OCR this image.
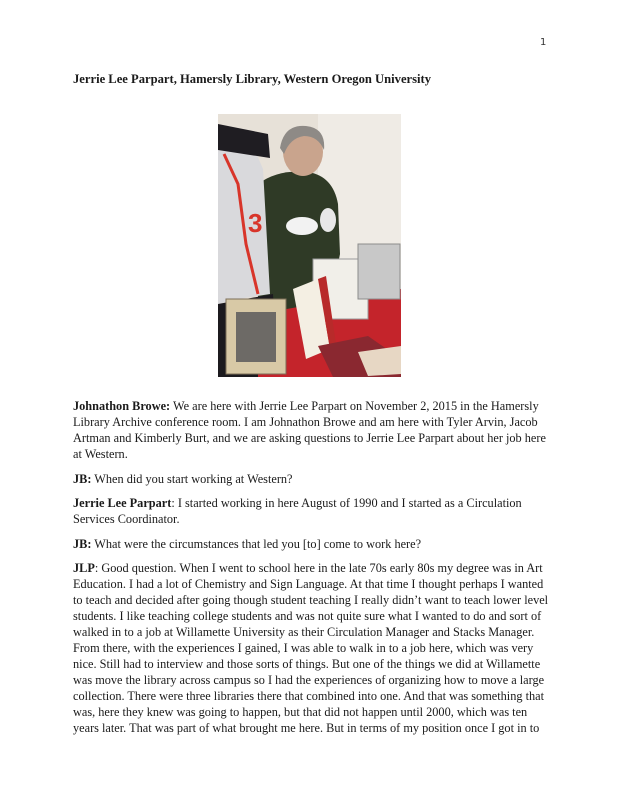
1
Jerrie Lee Parpart, Hamersly Library, Western Oregon University
3

Johnathon Browe: We are here with Jerrie Lee Parpart on November 2, 2015 in the Hamersly Library Archive conference room. I am Johnathon Browe and am here with Tyler Arvin, Jacob Artman and Kimberly Burt, and we are asking questions to Jerrie Lee Parpart about her job here at Western.

JB: When did you start working at Western?

Jerrie Lee Parpart: I started working in here August of 1990 and I started as a Circulation Services Coordinator.

JB: What were the circumstances that led you [to] come to work here?

JLP: Good question. When I went to school here in the late 70s early 80s my degree was in Art Education. I had a lot of Chemistry and Sign Language. At that time I thought perhaps I wanted to teach and decided after going though student teaching I really didn’t want to teach lower level students. I like teaching college students and was not quite sure what I wanted to do and sort of walked in to a job at Willamette University as their Circulation Manager and Stacks Manager. From there, with the experiences I gained, I was able to walk in to a job here, which was very nice. Still had to interview and those sorts of things. But one of the things we did at Willamette was move the library across campus so I had the experiences of organizing how to move a large collection. There were three libraries there that combined into one. And that was something that was, here they knew was going to happen, but that did not happen until 2000, which was ten years later. That was part of what brought me here. But in terms of my position once I got in to
